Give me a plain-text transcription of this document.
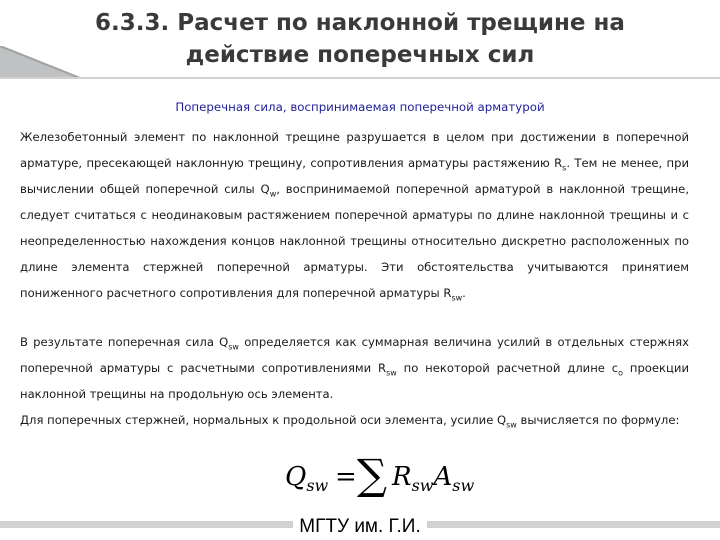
6.3.3. Расчет по наклонной трещине на
действие поперечных сил
Поперечная сила, воспринимаемая поперечной арматурой

Железобетонный элемент по наклонной трещине разрушается в целом при достижении в поперечной арматуре, пресекающей наклонную трещину, сопротивления арматуры растяжению $R_s$. Тем не менее, при вычислении общей поперечной силы $Q_w$, воспринимаемой поперечной арматурой в наклонной трещине, следует считаться с неодинаковым растяжением поперечной арматуры по длине наклонной трещины и с неопределенностью нахождения концов наклонной трещины относительно дискретно расположенных по длине элемента стержней поперечной арматуры. Эти обстоятельства учитываются принятием пониженного расчетного сопротивления для поперечной арматуры $R_{sw}$.

В результате поперечная сила $Q_{sw}$ определяется как суммарная величина усилий в отдельных стержнях поперечной арматуры с расчетными сопротивлениями $R_{sw}$ по некоторой расчетной длине $с_o$ проекции наклонной трещины на продольную ось элемента.

Для поперечных стержней, нормальных к продольной оси элемента, усилие $Q_{sw}$ вычисляется по формуле:

$Q_{sw}$ = ∑ $R_{sw}A_{sw}$
МГТУ им. Г.И.
